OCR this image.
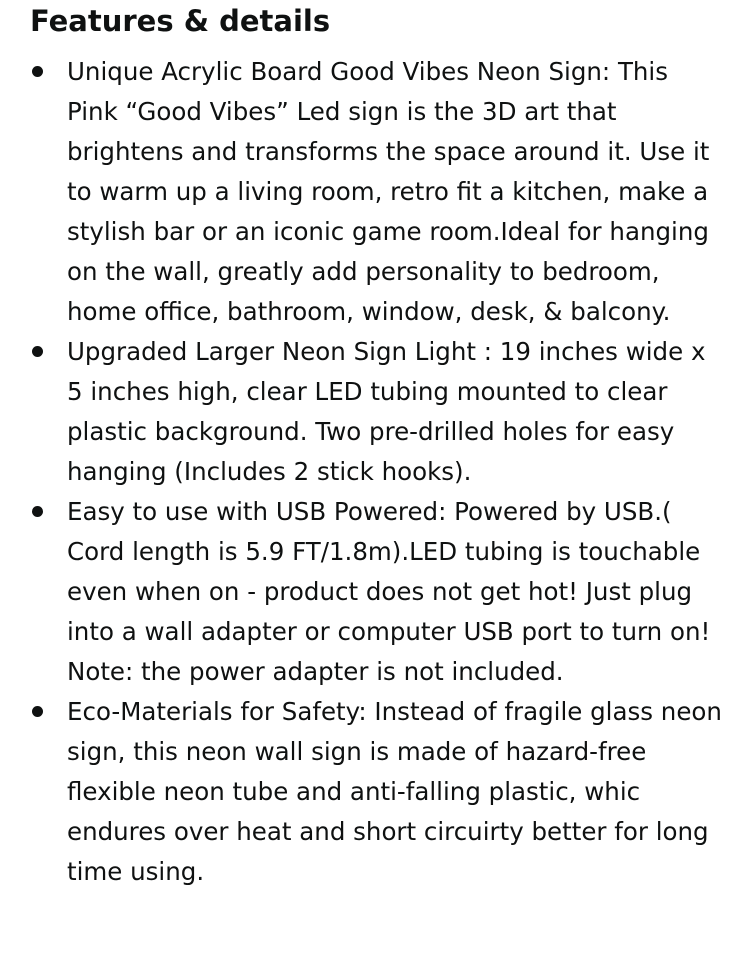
Features & details
Unique Acrylic Board Good Vibes Neon Sign: This Pink “Good Vibes” Led sign is the 3D art that brightens and transforms the space around it. Use it to warm up a living room, retro fit a kitchen, make a stylish bar or an iconic game room.Ideal for hanging on the wall, greatly add personality to bedroom, home office, bathroom, window, desk, & balcony.
Upgraded Larger Neon Sign Light : 19 inches wide x 5 inches high, clear LED tubing mounted to clear plastic background. Two pre-drilled holes for easy hanging (Includes 2 stick hooks).
Easy to use with USB Powered: Powered by USB.( Cord length is 5.9 FT/1.8m).LED tubing is touchable even when on - product does not get hot! Just plug into a wall adapter or computer USB port to turn on! Note: the power adapter is not included.
Eco-Materials for Safety: Instead of fragile glass neon sign, this neon wall sign is made of hazard-free flexible neon tube and anti-falling plastic, whic endures over heat and short circuirty better for long time using.
